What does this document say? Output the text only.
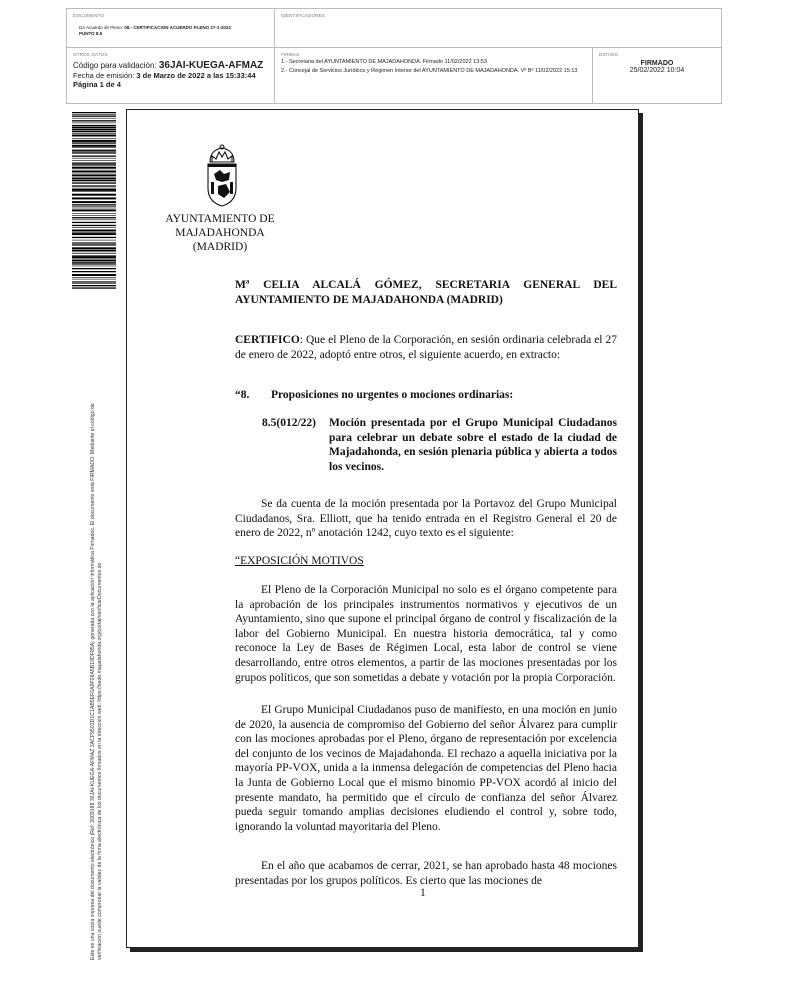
DOCUMENTO
DA Acuerdo de Pleno: 08.- CERTIFICACION ACUERDO PLENO 27-1-2022
PUNTO 8.5
IDENTIFICADORES
OTROS DATOS
Código para validación: 36JAI-KUEGA-AFMAZ
Fecha de emisión: 3 de Marzo de 2022 a las 15:33:44
Página 1 de 4
FIRMAS
1.- Secretaria del AYUNTAMIENTO DE MAJADAHONDA. Firmado 11/02/2022 13:53
2.- Concejal de Servicios Jurídicos y Régimen Interior del AYUNTAMIENTO DE MAJADAHONDA. Vº Bº 11/02/2022 15:13
ESTADO
FIRMADO
25/02/2022 10:04
Este es una copia impresa del documento electrónico (Ref: 2009188 36JAI-KUEGA-AFMAZ 3ACF9502D1C1AB5EF0A9F06A5B19DF85A) generada con la aplicación informática Firmadoc. El documento está FIRMADO. Mediante el código de verificación puede comprobar la validez de la firma electrónica de los documentos firmados en la dirección web: https://sede.majadahonda.org/portal/verificarDocumentos.do
AYUNTAMIENTO DE
MAJADAHONDA
(MADRID)
Mª CELIA ALCALÁ GÓMEZ, SECRETARIA GENERAL DEL AYUNTAMIENTO DE MAJADAHONDA (MADRID)
CERTIFICO: Que el Pleno de la Corporación, en sesión ordinaria celebrada el 27 de enero de 2022, adoptó entre otros, el siguiente acuerdo, en extracto:
“8. Proposiciones no urgentes o mociones ordinarias:
8.5(012/22) Moción presentada por el Grupo Municipal Ciudadanos para celebrar un debate sobre el estado de la ciudad de Majadahonda, en sesión plenaria pública y abierta a todos los vecinos.
Se da cuenta de la moción presentada por la Portavoz del Grupo Municipal Ciudadanos, Sra. Elliott, que ha tenido entrada en el Registro General el 20 de enero de 2022, nº anotación 1242, cuyo texto es el siguiente:
“EXPOSICIÓN MOTIVOS
El Pleno de la Corporación Municipal no solo es el órgano competente para la aprobación de los principales instrumentos normativos y ejecutivos de un Ayuntamiento, sino que supone el principal órgano de control y fiscalización de la labor del Gobierno Municipal. En nuestra historia democrática, tal y como reconoce la Ley de Bases de Régimen Local, esta labor de control se viene desarrollando, entre otros elementos, a partir de las mociones presentadas por los grupos políticos, que son sometidas a debate y votación por la propia Corporación.
El Grupo Municipal Ciudadanos puso de manifiesto, en una moción en junio de 2020, la ausencia de compromiso del Gobierno del señor Álvarez para cumplir con las mociones aprobadas por el Pleno, órgano de representación por excelencia del conjunto de los vecinos de Majadahonda. El rechazo a aquella iniciativa por la mayoría PP-VOX, unida a la inmensa delegación de competencias del Pleno hacia la Junta de Gobierno Local que el mismo binomio PP-VOX acordó al inicio del presente mandato, ha permitido que el círculo de confianza del señor Álvarez pueda seguir tomando amplias decisiones eludiendo el control y, sobre todo, ignorando la voluntad mayoritaria del Pleno.
En el año que acabamos de cerrar, 2021, se han aprobado hasta 48 mociones presentadas por los grupos políticos. Es cierto que las mociones de
1
